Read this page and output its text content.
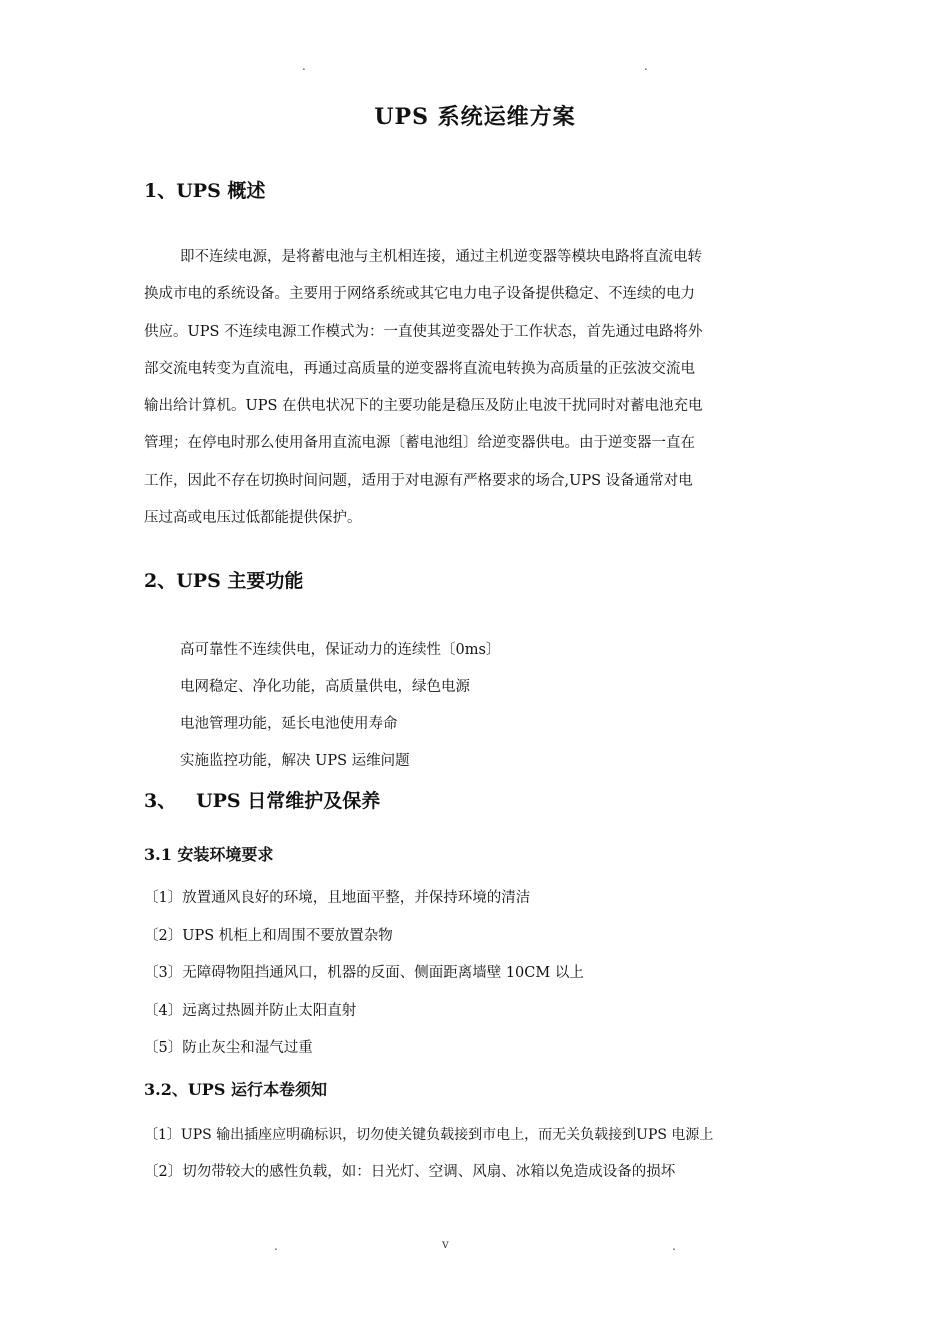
.	.
UPS 系统运维方案
1、UPS 概述
即不连续电源，是将蓄电池与主机相连接，通过主机逆变器等模块电路将直流电转
换成市电的系统设备。主要用于网络系统或其它电力电子设备提供稳定、不连续的电力
供应。UPS 不连续电源工作模式为：一直使其逆变器处于工作状态，首先通过电路将外
部交流电转变为直流电，再通过高质量的逆变器将直流电转换为高质量的正弦波交流电
输出给计算机。UPS 在供电状况下的主要功能是稳压及防止电波干扰同时对蓄电池充电
管理；在停电时那么使用备用直流电源〔蓄电池组〕给逆变器供电。由于逆变器一直在
工作，因此不存在切换时间问题，适用于对电源有严格要求的场合,UPS 设备通常对电
压过高或电压过低都能提供保护。
2、UPS 主要功能
高可靠性不连续供电，保证动力的连续性〔0ms〕
电网稳定、净化功能，高质量供电，绿色电源
电池管理功能，延长电池使用寿命
实施监控功能，解决 UPS 运维问题
3、   UPS 日常维护及保养
3.1 安装环境要求
〔1〕放置通风良好的环境，且地面平整，并保持环境的清洁
〔2〕UPS 机柜上和周围不要放置杂物
〔3〕无障碍物阻挡通风口，机器的反面、侧面距离墙壁 10CM 以上
〔4〕远离过热圆并防止太阳直射
〔5〕防止灰尘和湿气过重
3.2、UPS 运行本卷须知
〔1〕UPS 输出插座应明确标识，切勿使关键负载接到市电上，而无关负载接到UPS 电源上
〔2〕切勿带较大的感性负载，如：日光灯、空调、风扇、冰箱以免造成设备的损坏
.	v	.
